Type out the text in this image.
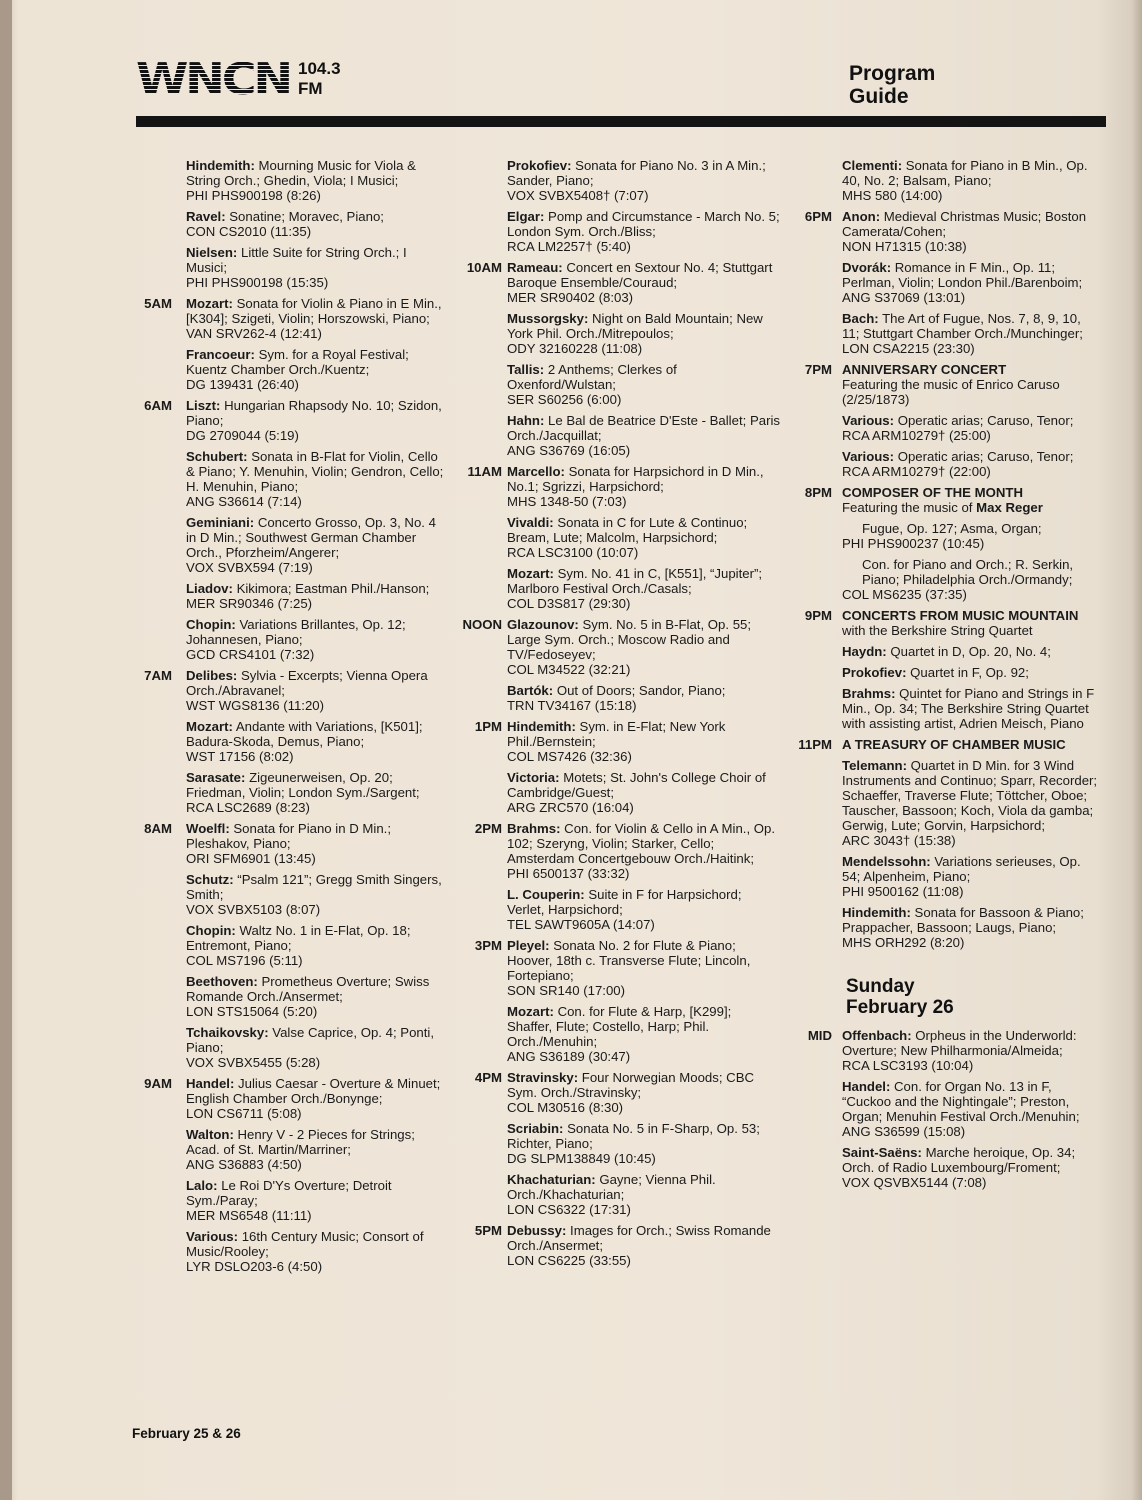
WNCN 104.3
FM
Program
Guide
Hindemith: Mourning Music for Viola & String Orch.; Ghedin, Viola; I Musici;
PHI PHS900198 (8:26)
Ravel: Sonatine; Moravec, Piano;
CON CS2010 (11:35)
Nielsen: Little Suite for String Orch.; I Musici;
PHI PHS900198 (15:35)
5AM Mozart: Sonata for Violin & Piano in E Min., [K304]; Szigeti, Violin; Horszowski, Piano;
VAN SRV262-4 (12:41)
Francoeur: Sym. for a Royal Festival; Kuentz Chamber Orch./Kuentz;
DG 139431 (26:40)
6AM Liszt: Hungarian Rhapsody No. 10; Szidon, Piano;
DG 2709044 (5:19)
Schubert: Sonata in B-Flat for Violin, Cello & Piano; Y. Menuhin, Violin; Gendron, Cello; H. Menuhin, Piano;
ANG S36614 (7:14)
Geminiani: Concerto Grosso, Op. 3, No. 4 in D Min.; Southwest German Chamber Orch., Pforzheim/Angerer;
VOX SVBX594 (7:19)
Liadov: Kikimora; Eastman Phil./Hanson;
MER SR90346 (7:25)
Chopin: Variations Brillantes, Op. 12; Johannesen, Piano;
GCD CRS4101 (7:32)
7AM Delibes: Sylvia - Excerpts; Vienna Opera Orch./Abravanel;
WST WGS8136 (11:20)
Mozart: Andante with Variations, [K501]; Badura-Skoda, Demus, Piano;
WST 17156 (8:02)
Sarasate: Zigeunerweisen, Op. 20; Friedman, Violin; London Sym./Sargent;
RCA LSC2689 (8:23)
8AM Woelfl: Sonata for Piano in D Min.; Pleshakov, Piano;
ORI SFM6901 (13:45)
Schutz: “Psalm 121”; Gregg Smith Singers, Smith;
VOX SVBX5103 (8:07)
Chopin: Waltz No. 1 in E-Flat, Op. 18; Entremont, Piano;
COL MS7196 (5:11)
Beethoven: Prometheus Overture; Swiss Romande Orch./Ansermet;
LON STS15064 (5:20)
Tchaikovsky: Valse Caprice, Op. 4; Ponti, Piano;
VOX SVBX5455 (5:28)
9AM Handel: Julius Caesar - Overture & Minuet; English Chamber Orch./Bonynge;
LON CS6711 (5:08)
Walton: Henry V - 2 Pieces for Strings; Acad. of St. Martin/Marriner;
ANG S36883 (4:50)
Lalo: Le Roi D'Ys Overture; Detroit Sym./Paray;
MER MS6548 (11:11)
Various: 16th Century Music; Consort of Music/Rooley;
LYR DSLO203-6 (4:50)
Prokofiev: Sonata for Piano No. 3 in A Min.; Sander, Piano;
VOX SVBX5408† (7:07)
Elgar: Pomp and Circumstance - March No. 5; London Sym. Orch./Bliss;
RCA LM2257† (5:40)
10AM Rameau: Concert en Sextour No. 4; Stuttgart Baroque Ensemble/Couraud;
MER SR90402 (8:03)
Mussorgsky: Night on Bald Mountain; New York Phil. Orch./Mitrepoulos;
ODY 32160228 (11:08)
Tallis: 2 Anthems; Clerkes of Oxenford/Wulstan;
SER S60256 (6:00)
Hahn: Le Bal de Beatrice D'Este - Ballet; Paris Orch./Jacquillat;
ANG S36769 (16:05)
11AM Marcello: Sonata for Harpsichord in D Min., No.1; Sgrizzi, Harpsichord;
MHS 1348-50 (7:03)
Vivaldi: Sonata in C for Lute & Continuo; Bream, Lute; Malcolm, Harpsichord;
RCA LSC3100 (10:07)
Mozart: Sym. No. 41 in C, [K551], “Jupiter”; Marlboro Festival Orch./Casals;
COL D3S817 (29:30)
NOON Glazounov: Sym. No. 5 in B-Flat, Op. 55; Large Sym. Orch.; Moscow Radio and TV/Fedoseyev;
COL M34522 (32:21)
Bartók: Out of Doors; Sandor, Piano;
TRN TV34167 (15:18)
1PM Hindemith: Sym. in E-Flat; New York Phil./Bernstein;
COL MS7426 (32:36)
Victoria: Motets; St. John's College Choir of Cambridge/Guest;
ARG ZRC570 (16:04)
2PM Brahms: Con. for Violin & Cello in A Min., Op. 102; Szeryng, Violin; Starker, Cello; Amsterdam Concertgebouw Orch./Haitink;
PHI 6500137 (33:32)
L. Couperin: Suite in F for Harpsichord; Verlet, Harpsichord;
TEL SAWT9605A (14:07)
3PM Pleyel: Sonata No. 2 for Flute & Piano; Hoover, 18th c. Transverse Flute; Lincoln, Fortepiano;
SON SR140 (17:00)
Mozart: Con. for Flute & Harp, [K299]; Shaffer, Flute; Costello, Harp; Phil. Orch./Menuhin;
ANG S36189 (30:47)
4PM Stravinsky: Four Norwegian Moods; CBC Sym. Orch./Stravinsky;
COL M30516 (8:30)
Scriabin: Sonata No. 5 in F-Sharp, Op. 53; Richter, Piano;
DG SLPM138849 (10:45)
Khachaturian: Gayne; Vienna Phil. Orch./Khachaturian;
LON CS6322 (17:31)
5PM Debussy: Images for Orch.; Swiss Romande Orch./Ansermet;
LON CS6225 (33:55)
Clementi: Sonata for Piano in B Min., Op. 40, No. 2; Balsam, Piano;
MHS 580 (14:00)
6PM Anon: Medieval Christmas Music; Boston Camerata/Cohen;
NON H71315 (10:38)
Dvorák: Romance in F Min., Op. 11; Perlman, Violin; London Phil./Barenboim;
ANG S37069 (13:01)
Bach: The Art of Fugue, Nos. 7, 8, 9, 10, 11; Stuttgart Chamber Orch./Munchinger;
LON CSA2215 (23:30)
7PM ANNIVERSARY CONCERT
Featuring the music of Enrico Caruso (2/25/1873)
Various: Operatic arias; Caruso, Tenor;
RCA ARM10279† (25:00)
Various: Operatic arias; Caruso, Tenor;
RCA ARM10279† (22:00)
8PM COMPOSER OF THE MONTH
Featuring the music of Max Reger
Fugue, Op. 127; Asma, Organ;
PHI PHS900237 (10:45)
Con. for Piano and Orch.; R. Serkin, Piano; Philadelphia Orch./Ormandy;
COL MS6235 (37:35)
9PM CONCERTS FROM MUSIC MOUNTAIN
with the Berkshire String Quartet
Haydn: Quartet in D, Op. 20, No. 4;
Prokofiev: Quartet in F, Op. 92;
Brahms: Quintet for Piano and Strings in F Min., Op. 34; The Berkshire String Quartet with assisting artist, Adrien Meisch, Piano
11PM A TREASURY OF CHAMBER MUSIC
Telemann: Quartet in D Min. for 3 Wind Instruments and Continuo; Sparr, Recorder; Schaeffer, Traverse Flute; Töttcher, Oboe; Tauscher, Bassoon; Koch, Viola da gamba; Gerwig, Lute; Gorvin, Harpsichord;
ARC 3043† (15:38)
Mendelssohn: Variations serieuses, Op. 54; Alpenheim, Piano;
PHI 9500162 (11:08)
Hindemith: Sonata for Bassoon & Piano; Prappacher, Bassoon; Laugs, Piano;
MHS ORH292 (8:20)
Sunday
February 26
MID Offenbach: Orpheus in the Underworld: Overture; New Philharmonia/Almeida;
RCA LSC3193 (10:04)
Handel: Con. for Organ No. 13 in F, “Cuckoo and the Nightingale”; Preston, Organ; Menuhin Festival Orch./Menuhin;
ANG S36599 (15:08)
Saint-Saëns: Marche heroique, Op. 34; Orch. of Radio Luxembourg/Froment;
VOX QSVBX5144 (7:08)
February 25 & 26
